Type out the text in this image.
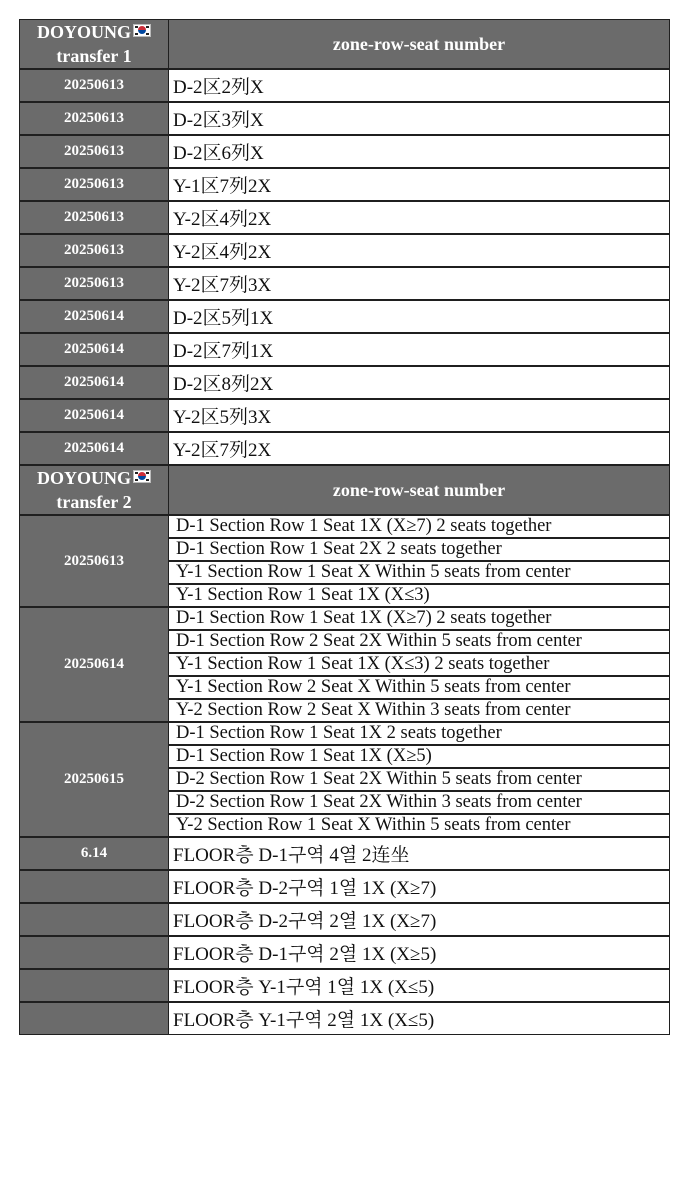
DOYOUNG

transfer 1
zone-row-seat number
20250613	D-2区2列X
20250613	D-2区3列X
20250613	D-2区6列X
20250613	Y-1区7列2X
20250613	Y-2区4列2X
20250613	Y-2区4列2X
20250613	Y-2区7列3X
20250614	D-2区5列1X
20250614	D-2区7列1X
20250614	D-2区8列2X
20250614	Y-2区5列3X
20250614	Y-2区7列2X
DOYOUNG

transfer 2
zone-row-seat number
20250613
D-1 Section Row 1 Seat 1X (X≥7) 2 seats together
D-1 Section Row 1 Seat 2X 2 seats together
Y-1 Section Row 1 Seat X Within 5 seats from center
Y-1 Section Row 1 Seat 1X (X≤3)
20250614
D-1 Section Row 1 Seat 1X (X≥7) 2 seats together
D-1 Section Row 2 Seat 2X Within 5 seats from center
Y-1 Section Row 1 Seat 1X (X≤3) 2 seats together
Y-1 Section Row 2 Seat X Within 5 seats from center
Y-2 Section Row 2 Seat X Within 3 seats from center
20250615
D-1 Section Row 1 Seat 1X 2 seats together
D-1 Section Row 1 Seat 1X (X≥5)
D-2 Section Row 1 Seat 2X Within 5 seats from center
D-2 Section Row 1 Seat 2X Within 3 seats from center
Y-2 Section Row 1 Seat X Within 5 seats from center
6.14	FLOOR층 D-1구역 4열 2连坐
FLOOR층 D-2구역 1열 1X (X≥7)
FLOOR층 D-2구역 2열 1X (X≥7)
FLOOR층 D-1구역 2열 1X (X≥5)
FLOOR층 Y-1구역 1열 1X (X≤5)
FLOOR층 Y-1구역 2열 1X (X≤5)
